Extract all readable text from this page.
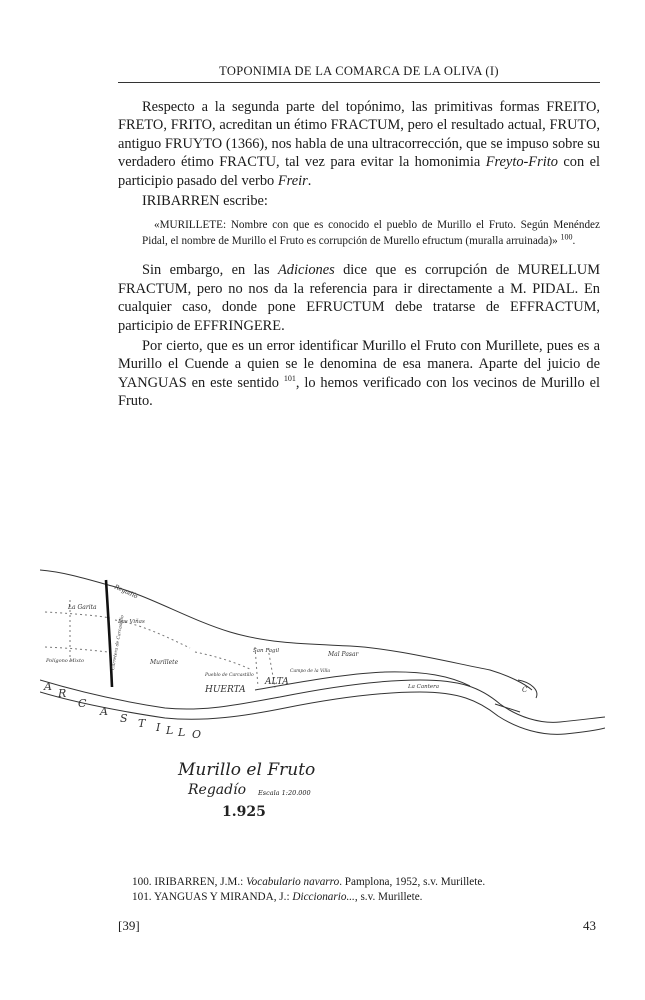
TOPONIMIA DE LA COMARCA DE LA OLIVA (I)

Respecto a la segunda parte del topónimo, las primitivas formas FREITO, FRETO, FRITO, acreditan un étimo FRACTUM, pero el resultado actual, FRUTO, antiguo FRUYTO (1366), nos habla de una ultracorrección, que se impuso sobre su verdadero étimo FRACTU, tal vez para evitar la homonimia Freyto-Frito con el participio pasado del verbo Freir.

IRIBARREN escribe:

«MURILLETE: Nombre con que es conocido el pueblo de Murillo el Fruto. Según Menéndez Pidal, el nombre de Murillo el Fruto es corrupción de Murello efructum (muralla arruinada)» $^{100}$.

Sin embargo, en las Adiciones dice que es corrupción de MURELLUM FRACTUM, pero no nos da la referencia para ir directamente a M. PIDAL. En cualquier caso, donde pone EFRUCTUM debe tratarse de EFFRACTUM, participio de EFFRINGERE.

Por cierto, que es un error identificar Murillo el Fruto con Murillete, pues es a Murillo el Cuende a quien se le denomina de esa manera. Aparte del juicio de YANGUAS en este sentido $^{101}$, lo hemos verificado con los vecinos de Murillo el Fruto.

La Garita
Regadío
Las Viñas
Carretera de Carcastillo
Polígono Mixto	Murillete
Pueblo de Carcastillo
HUERTA
ALTA
San Fagil	Mal Pasar
Campo de la Villa
La Cantera	C
A
R
C
A
S T I L L O
Murillo el Fruto
Regadío Escala 1:20.000
1.925
100. IRIBARREN, J.M.: Vocabulario navarro. Pamplona, 1952, s.v. Murillete.
101. YANGUAS Y MIRANDA, J.: Diccionario..., s.v. Murillete.
[39]	43
